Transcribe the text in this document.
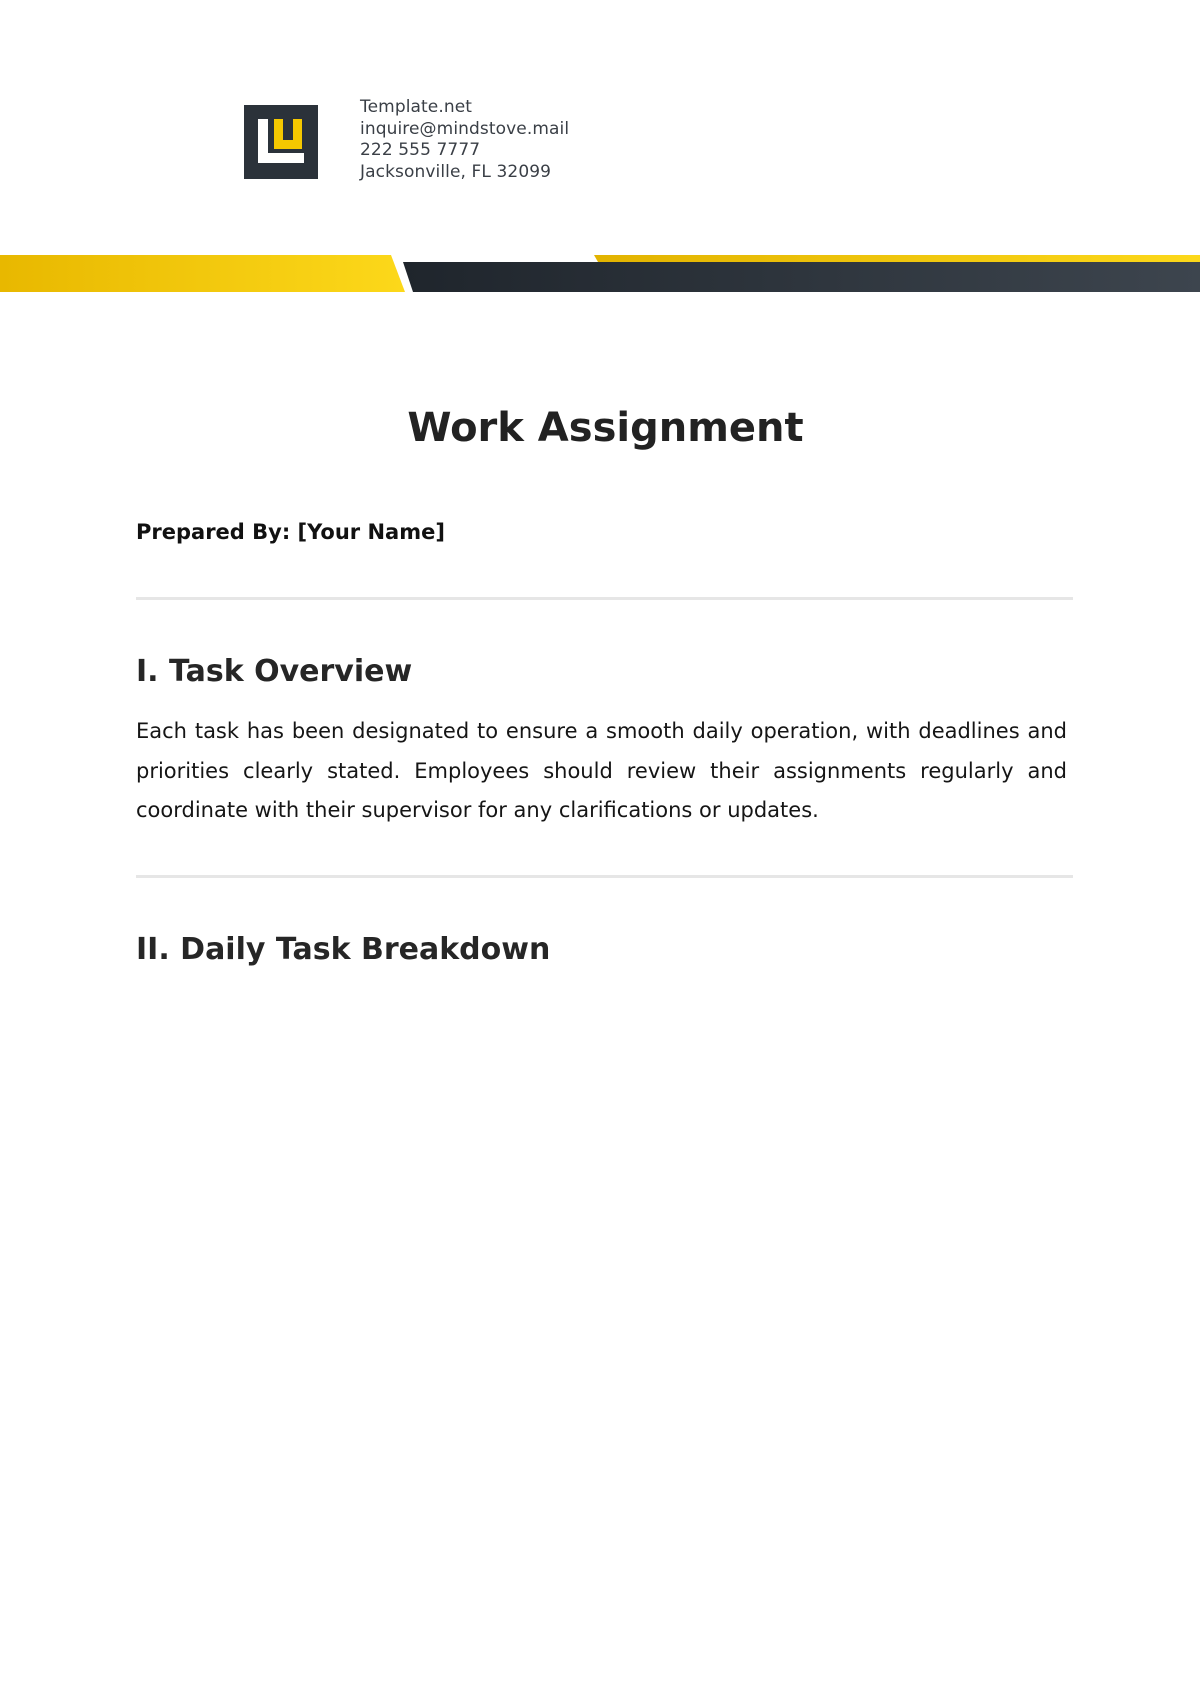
Template.net
inquire@mindstove.mail
222 555 7777
Jacksonville, FL 32099
Work Assignment

Prepared By: [Your Name]

I. Task Overview

Each task has been designated to ensure a smooth daily operation, with deadlines and priorities clearly stated. Employees should review their assignments regularly and coordinate with their supervisor for any clarifications or updates.

II. Daily Task Breakdown
